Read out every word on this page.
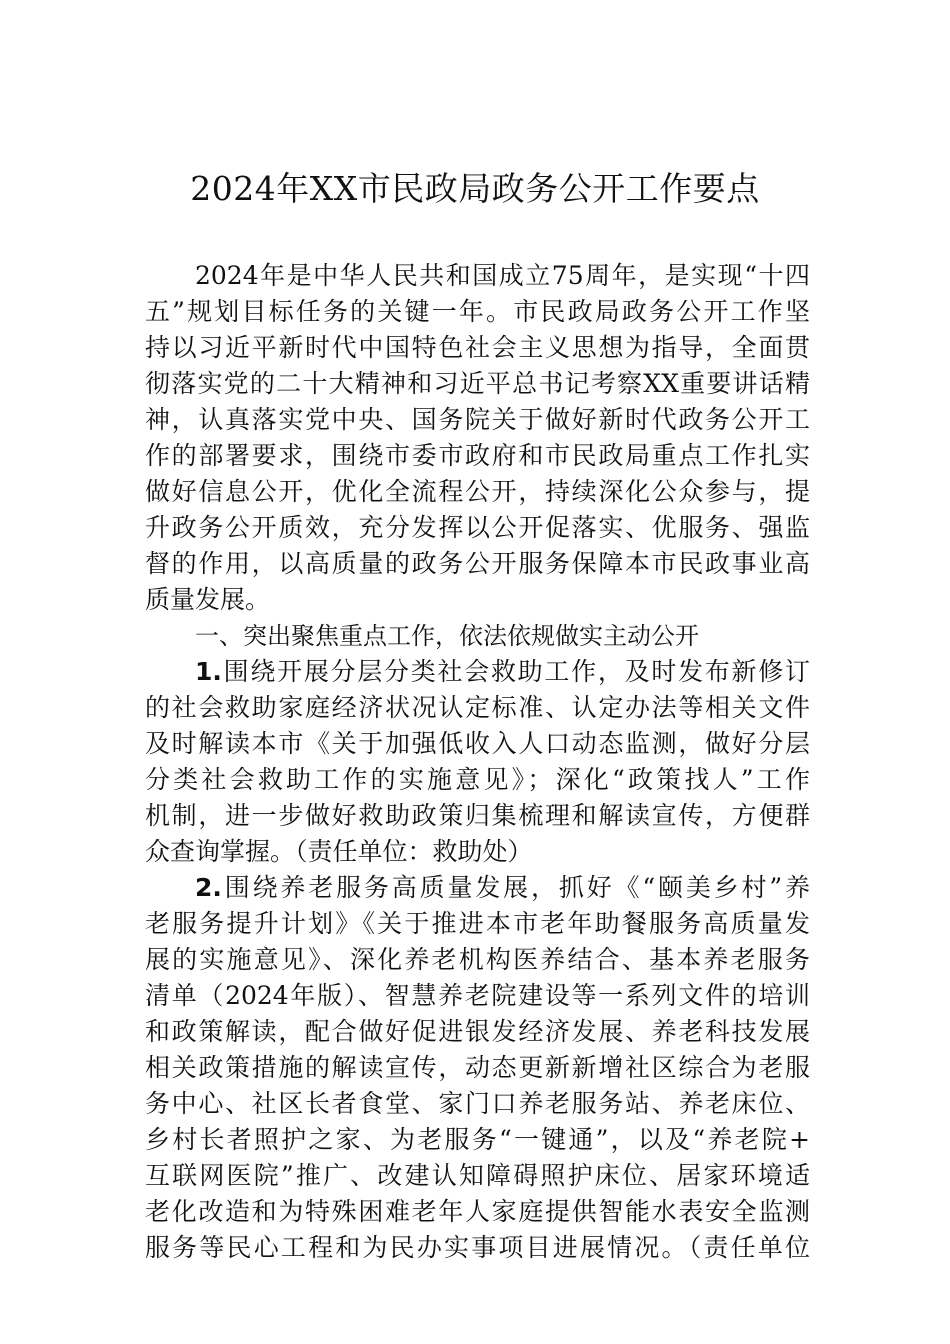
2024年XX市民政局政务公开工作要点
2024年是中华人民共和国成立75周年，是实现“十四
五”规划目标任务的关键一年。市民政局政务公开工作坚
持以习近平新时代中国特色社会主义思想为指导，全面贯
彻落实党的二十大精神和习近平总书记考察XX重要讲话精
神，认真落实党中央、国务院关于做好新时代政务公开工
作的部署要求，围绕市委市政府和市民政局重点工作扎实
做好信息公开，优化全流程公开，持续深化公众参与，提
升政务公开质效，充分发挥以公开促落实、优服务、强监
督的作用，以高质量的政务公开服务保障本市民政事业高
质量发展。
一、突出聚焦重点工作，依法依规做实主动公开
1.围绕开展分层分类社会救助工作，及时发布新修订
的社会救助家庭经济状况认定标准、认定办法等相关文件
及时解读本市《关于加强低收入人口动态监测，做好分层
分类社会救助工作的实施意见》；深化“政策找人”工作
机制，进一步做好救助政策归集梳理和解读宣传，方便群
众查询掌握。（责任单位：救助处）
2.围绕养老服务高质量发展，抓好《“颐美乡村”养
老服务提升计划》《关于推进本市老年助餐服务高质量发
展的实施意见》、深化养老机构医养结合、基本养老服务
清单（2024年版）、智慧养老院建设等一系列文件的培训
和政策解读，配合做好促进银发经济发展、养老科技发展
相关政策措施的解读宣传，动态更新新增社区综合为老服
务中心、社区长者食堂、家门口养老服务站、养老床位、
乡村长者照护之家、为老服务“一键通”，以及“养老院+
互联网医院”推广、改建认知障碍照护床位、居家环境适
老化改造和为特殊困难老年人家庭提供智能水表安全监测
服务等民心工程和为民办实事项目进展情况。（责任单位
